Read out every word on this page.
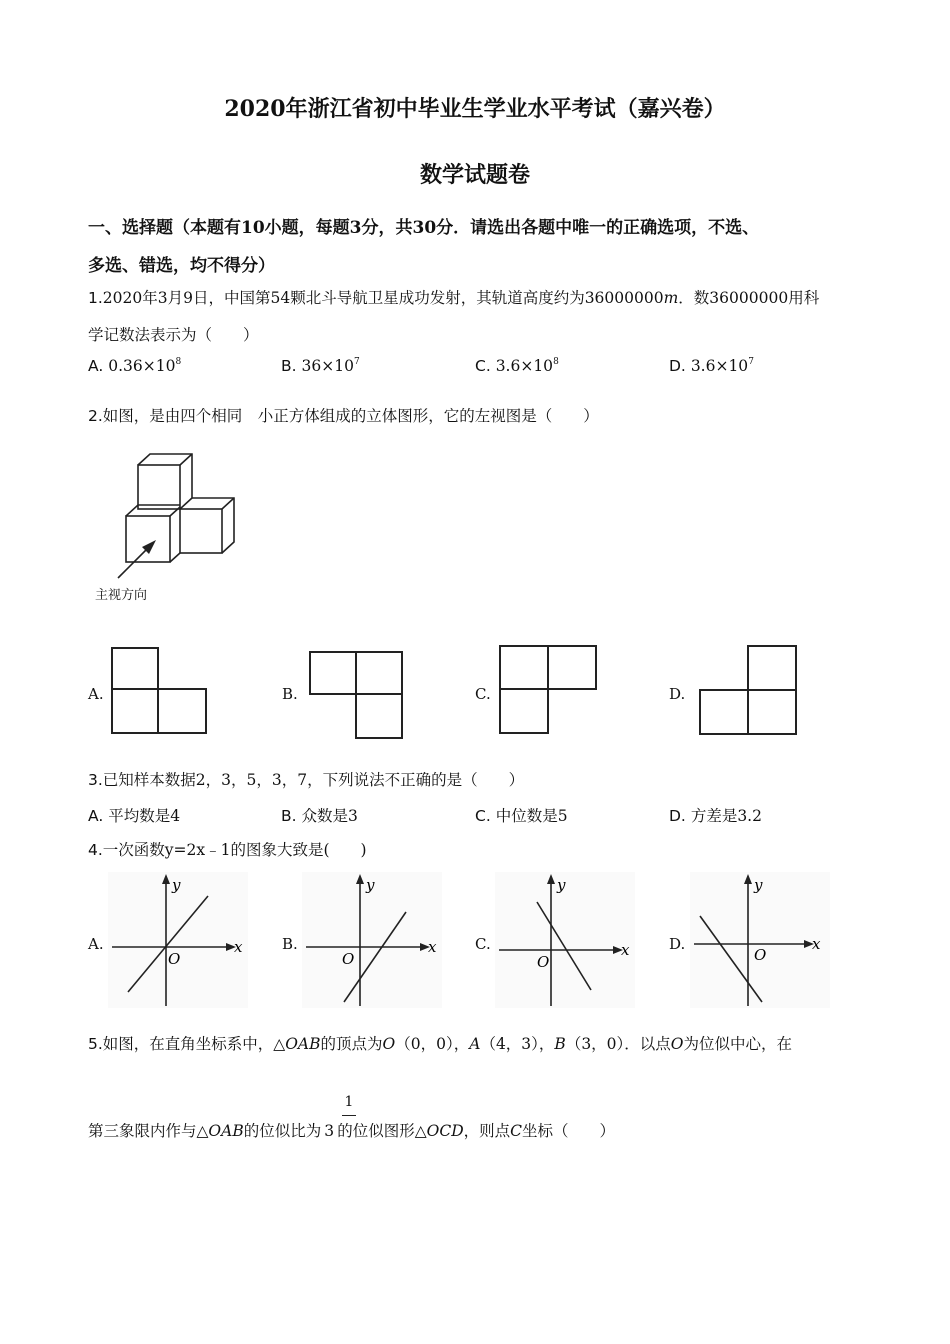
2020年浙江省初中毕业生学业水平考试（嘉兴卷）
数学试题卷
一、选择题（本题有10小题，每题3分，共30分．请选出各题中唯一的正确选项，不选、
多选、错选，均不得分）
1.2020年3月9日，中国第54颗北斗导航卫星成功发射，其轨道高度约为36000000m．数36000000用科
学记数法表示为（　　）
A. $0.36\times 10^8$	B. $36\times 10^7$	C. $3.6\times 10^8$	D. $3.6\times 10^7$
2.如图，是由四个相同　小正方体组成的立体图形，它的左视图是（　　）
主视方向
A.	B.	C.	D.
3.已知样本数据2，3，5，3，7，下列说法不正确的是（　　）
A. 平均数是4	B. 众数是3	C. 中位数是5	D. 方差是3.2
4.一次函数y=2x﹣1的图象大致是(　　)
A.	x
y
O
B.	x
y
O
C.	x
y
O
D.	x
y
O
5.如图，在直角坐标系中，△OAB的顶点为O（0，0），A（4，3），B（3，0）．以点O为位似中心，在
1
第三象限内作与△OAB的位似比为 3 的位似图形△OCD，则点C坐标（　　）
